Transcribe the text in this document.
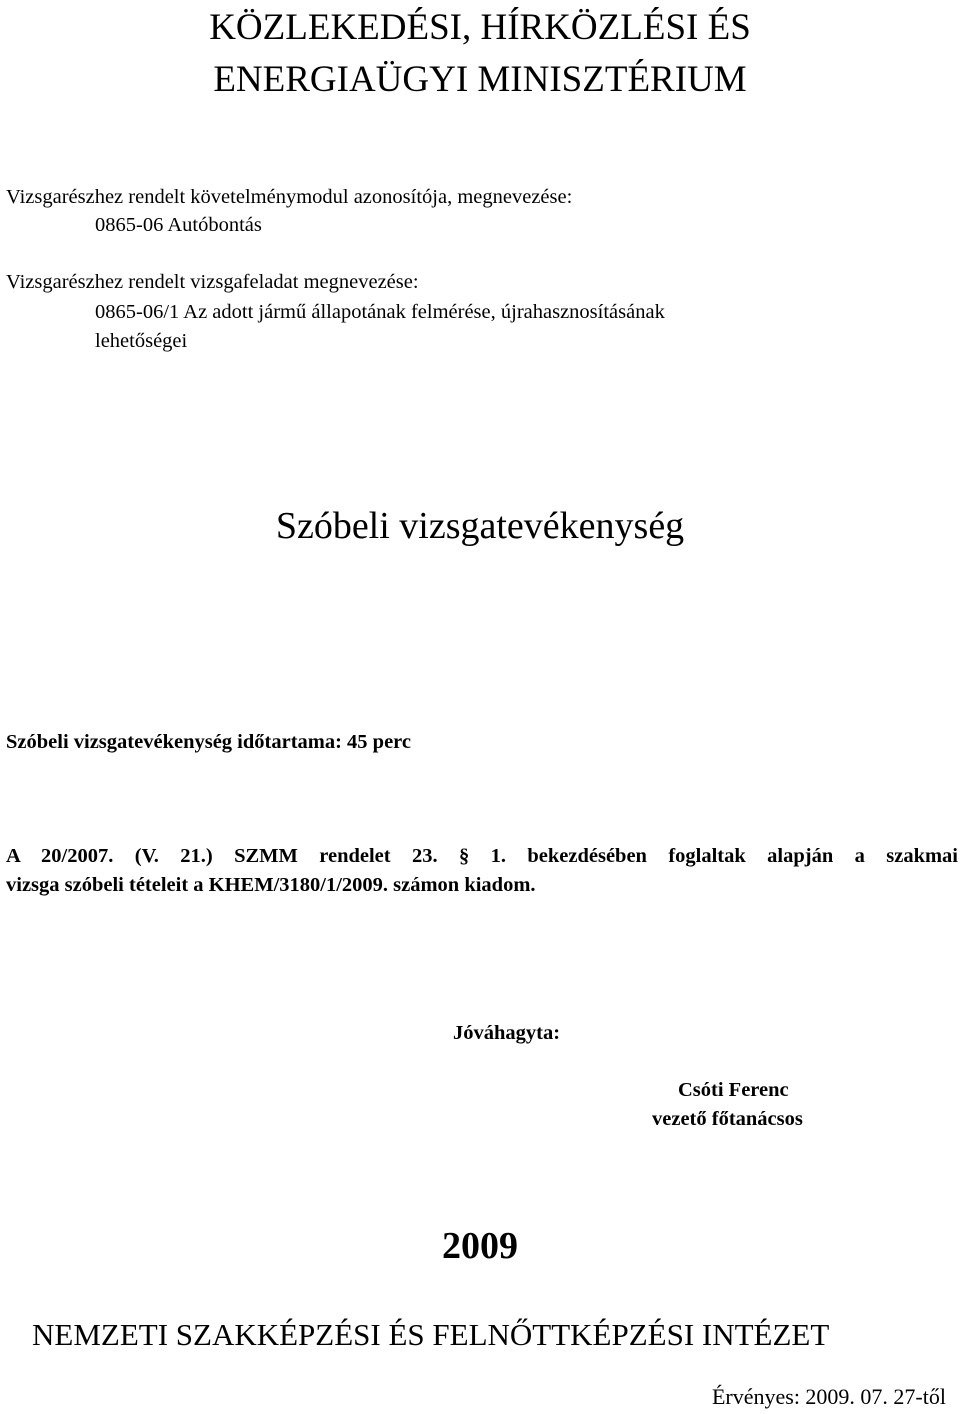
KÖZLEKEDÉSI, HÍRKÖZLÉSI ÉS
ENERGIAÜGYI MINISZTÉRIUM
Vizsgarészhez rendelt követelménymodul azonosítója, megnevezése:
0865-06 Autóbontás
Vizsgarészhez rendelt vizsgafeladat megnevezése:
0865-06/1 Az adott jármű állapotának felmérése, újrahasznosításának
lehetőségei
Szóbeli vizsgatevékenység
Szóbeli vizsgatevékenység időtartama: 45 perc
A 20/2007. (V. 21.) SZMM rendelet 23. § 1. bekezdésében foglaltak alapján a szakmai
vizsga szóbeli tételeit a KHEM/3180/1/2009. számon kiadom.
Jóváhagyta:
Csóti Ferenc
vezető főtanácsos
2009
NEMZETI SZAKKÉPZÉSI ÉS FELNŐTTKÉPZÉSI INTÉZET
Érvényes: 2009. 07. 27-től
